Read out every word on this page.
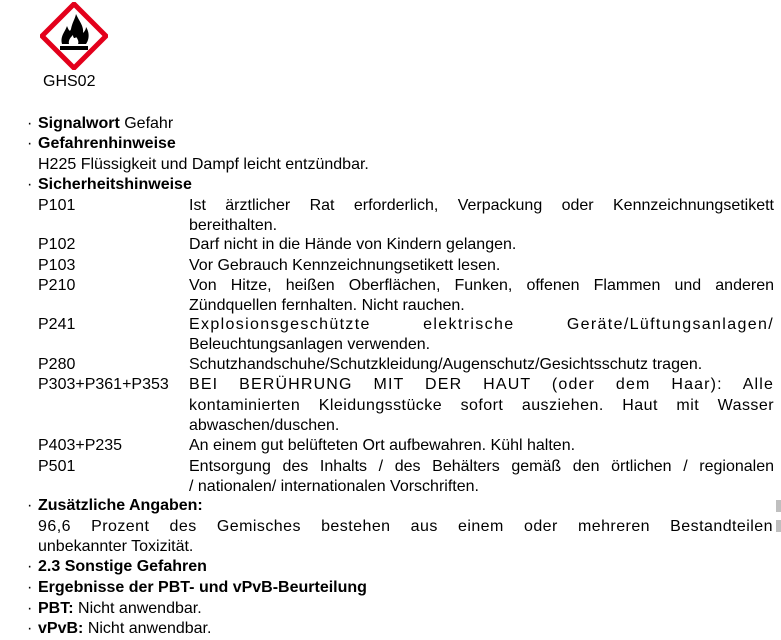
GHS02
· Signalwort Gefahr
· Gefahrenhinweise
H225 Flüssigkeit und Dampf leicht entzündbar.
· Sicherheitshinweise
P101	Ist ärztlicher Rat erforderlich, Verpackung oder Kennzeichnungsetikett
bereithalten.
P102	Darf nicht in die Hände von Kindern gelangen.
P103	Vor Gebrauch Kennzeichnungsetikett lesen.
P210	Von Hitze, heißen Oberflächen, Funken, offenen Flammen und anderen
Zündquellen fernhalten. Nicht rauchen.
P241	Explosionsgeschützte elektrische Geräte/Lüftungsanlagen/
Beleuchtungsanlagen verwenden.
P280	Schutzhandschuhe/Schutzkleidung/Augenschutz/Gesichtsschutz tragen.
P303+P361+P353 BEI BERÜHRUNG MIT DER HAUT (oder dem Haar): Alle
kontaminierten Kleidungsstücke sofort ausziehen. Haut mit Wasser
abwaschen/duschen.
P403+P235	An einem gut belüfteten Ort aufbewahren. Kühl halten.
P501	Entsorgung des Inhalts / des Behälters gemäß den örtlichen / regionalen
/ nationalen/ internationalen Vorschriften.
· Zusätzliche Angaben:
96,6 Prozent des Gemisches bestehen aus einem oder mehreren Bestandteilen
unbekannter Toxizität.
· 2.3 Sonstige Gefahren
· Ergebnisse der PBT- und vPvB-Beurteilung
· PBT: Nicht anwendbar.
· vPvB: Nicht anwendbar.
